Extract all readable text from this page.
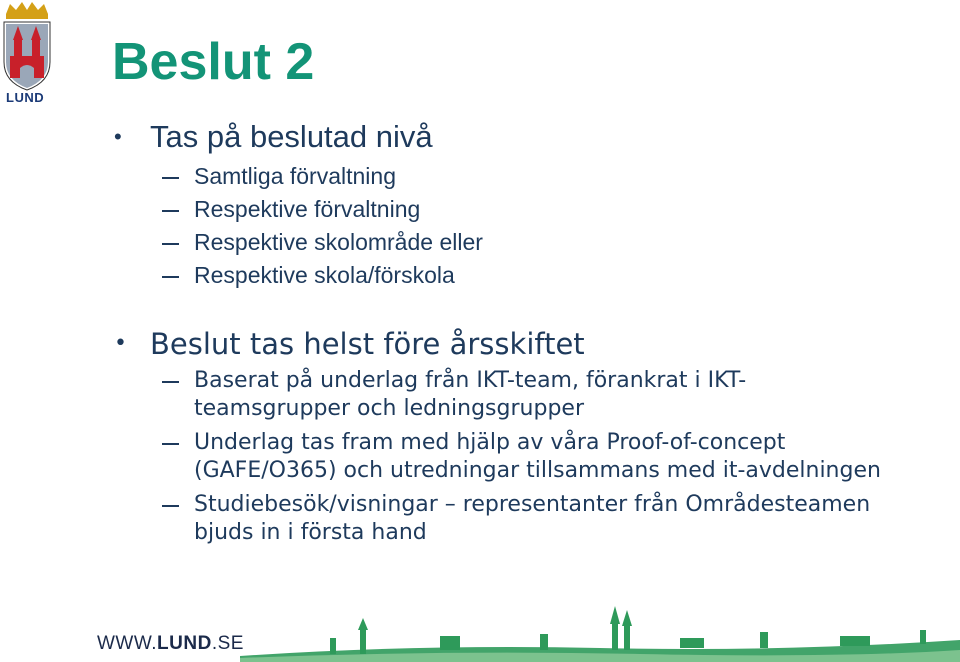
LUND
Beslut 2
• Tas på beslutad nivå
Samtliga förvaltning
Respektive förvaltning
Respektive skolområde eller
Respektive skola/förskola
• Beslut tas helst före årsskiftet
Baserat på underlag från IKT-team, förankrat i IKT-teamsgrupper och ledningsgrupper
Underlag tas fram med hjälp av våra Proof-of-concept (GAFE/O365) och utredningar tillsammans med it-avdelningen
Studiebesök/visningar – representanter från Områdesteamen bjuds in i första hand
WWW.LUND.SE
